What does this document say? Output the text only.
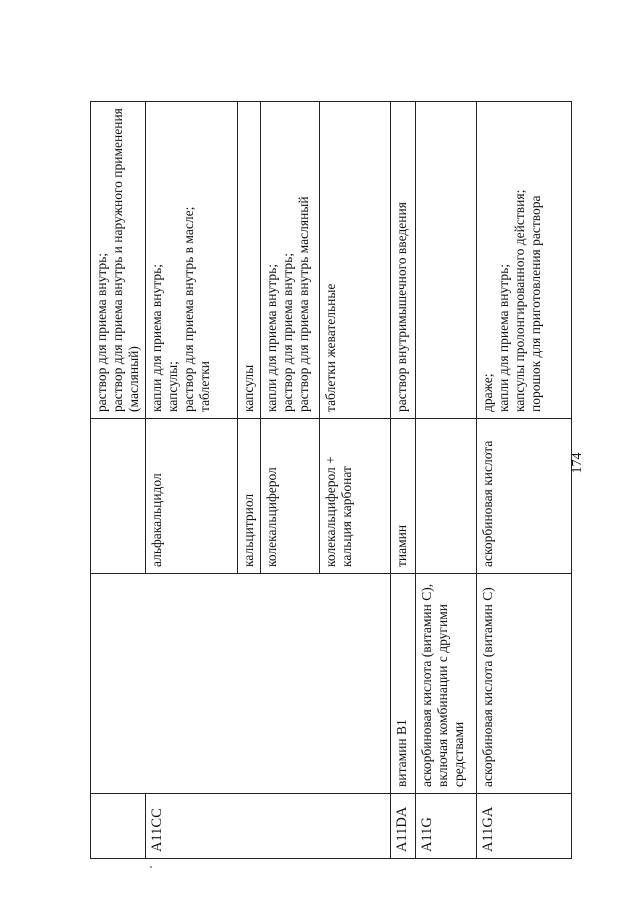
			раствор для приема внутрь; раствор для приема внутрь и наружного применения (масляный)

A11CC		альфакальцидол	капли для приема внутрь; капсулы; раствор для приема внутрь в масле; таблетки

		кальцитриол	капсулы

		колекальциферол	капли для приема внутрь; раствор для приема внутрь; раствор для приема внутрь масляный

		колекальциферол + кальция карбонат	таблетки жевательные

A11DA	витамин B1	тиамин	раствор внутримышечного введения

A11G	аскорбиновая кислота (витамин С), включая комбинации с другими средствами		
A11GA	аскорбиновая кислота (витамин С)	аскорбиновая кислота	драже; капли для приема внутрь; капсулы пролонгированного действия; порошок для приготовления раствора
174
